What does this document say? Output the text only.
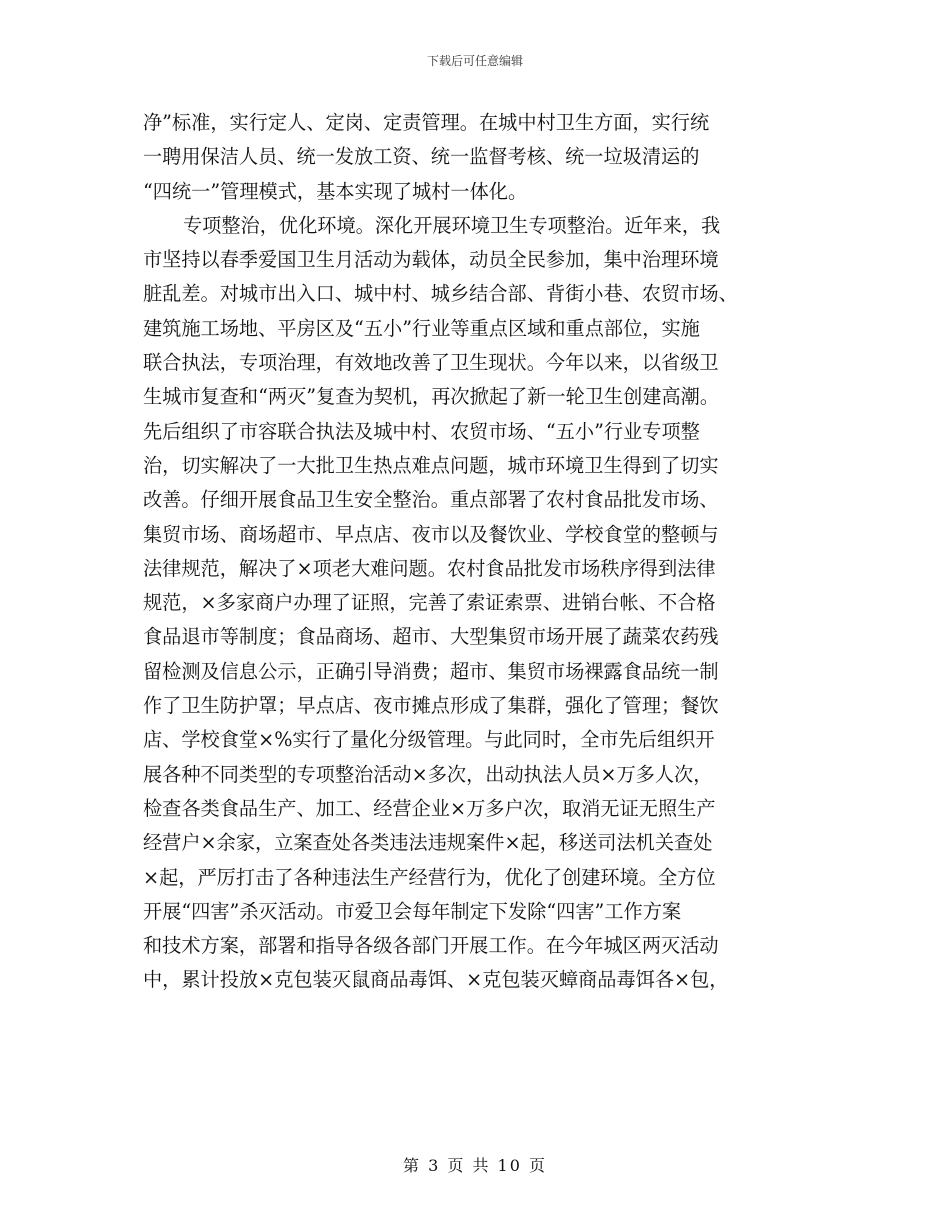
下载后可任意编辑
净”标准，实行定人、定岗、定责管理。在城中村卫生方面，实行统
一聘用保洁人员、统一发放工资、统一监督考核、统一垃圾清运的
“四统一”管理模式，基本实现了城村一体化。
专项整治，优化环境。深化开展环境卫生专项整治。近年来，我
市坚持以春季爱国卫生月活动为载体，动员全民参加，集中治理环境
脏乱差。对城市出入口、城中村、城乡结合部、背街小巷、农贸市场、
建筑施工场地、平房区及“五小”行业等重点区域和重点部位，实施
联合执法，专项治理，有效地改善了卫生现状。今年以来，以省级卫
生城市复查和“两灭”复查为契机，再次掀起了新一轮卫生创建高潮。
先后组织了市容联合执法及城中村、农贸市场、“五小”行业专项整
治，切实解决了一大批卫生热点难点问题，城市环境卫生得到了切实
改善。仔细开展食品卫生安全整治。重点部署了农村食品批发市场、
集贸市场、商场超市、早点店、夜市以及餐饮业、学校食堂的整顿与
法律规范，解决了×项老大难问题。农村食品批发市场秩序得到法律
规范，×多家商户办理了证照，完善了索证索票、进销台帐、不合格
食品退市等制度；食品商场、超市、大型集贸市场开展了蔬菜农药残
留检测及信息公示，正确引导消费；超市、集贸市场裸露食品统一制
作了卫生防护罩；早点店、夜市摊点形成了集群，强化了管理；餐饮
店、学校食堂×%实行了量化分级管理。与此同时，全市先后组织开
展各种不同类型的专项整治活动×多次，出动执法人员×万多人次，
检查各类食品生产、加工、经营企业×万多户次，取消无证无照生产
经营户×余家，立案查处各类违法违规案件×起，移送司法机关查处
×起，严厉打击了各种违法生产经营行为，优化了创建环境。全方位
开展“四害”杀灭活动。市爱卫会每年制定下发除“四害”工作方案
和技术方案，部署和指导各级各部门开展工作。在今年城区两灭活动
中，累计投放×克包装灭鼠商品毒饵、×克包装灭蟑商品毒饵各×包，
第 3 页 共 10 页
